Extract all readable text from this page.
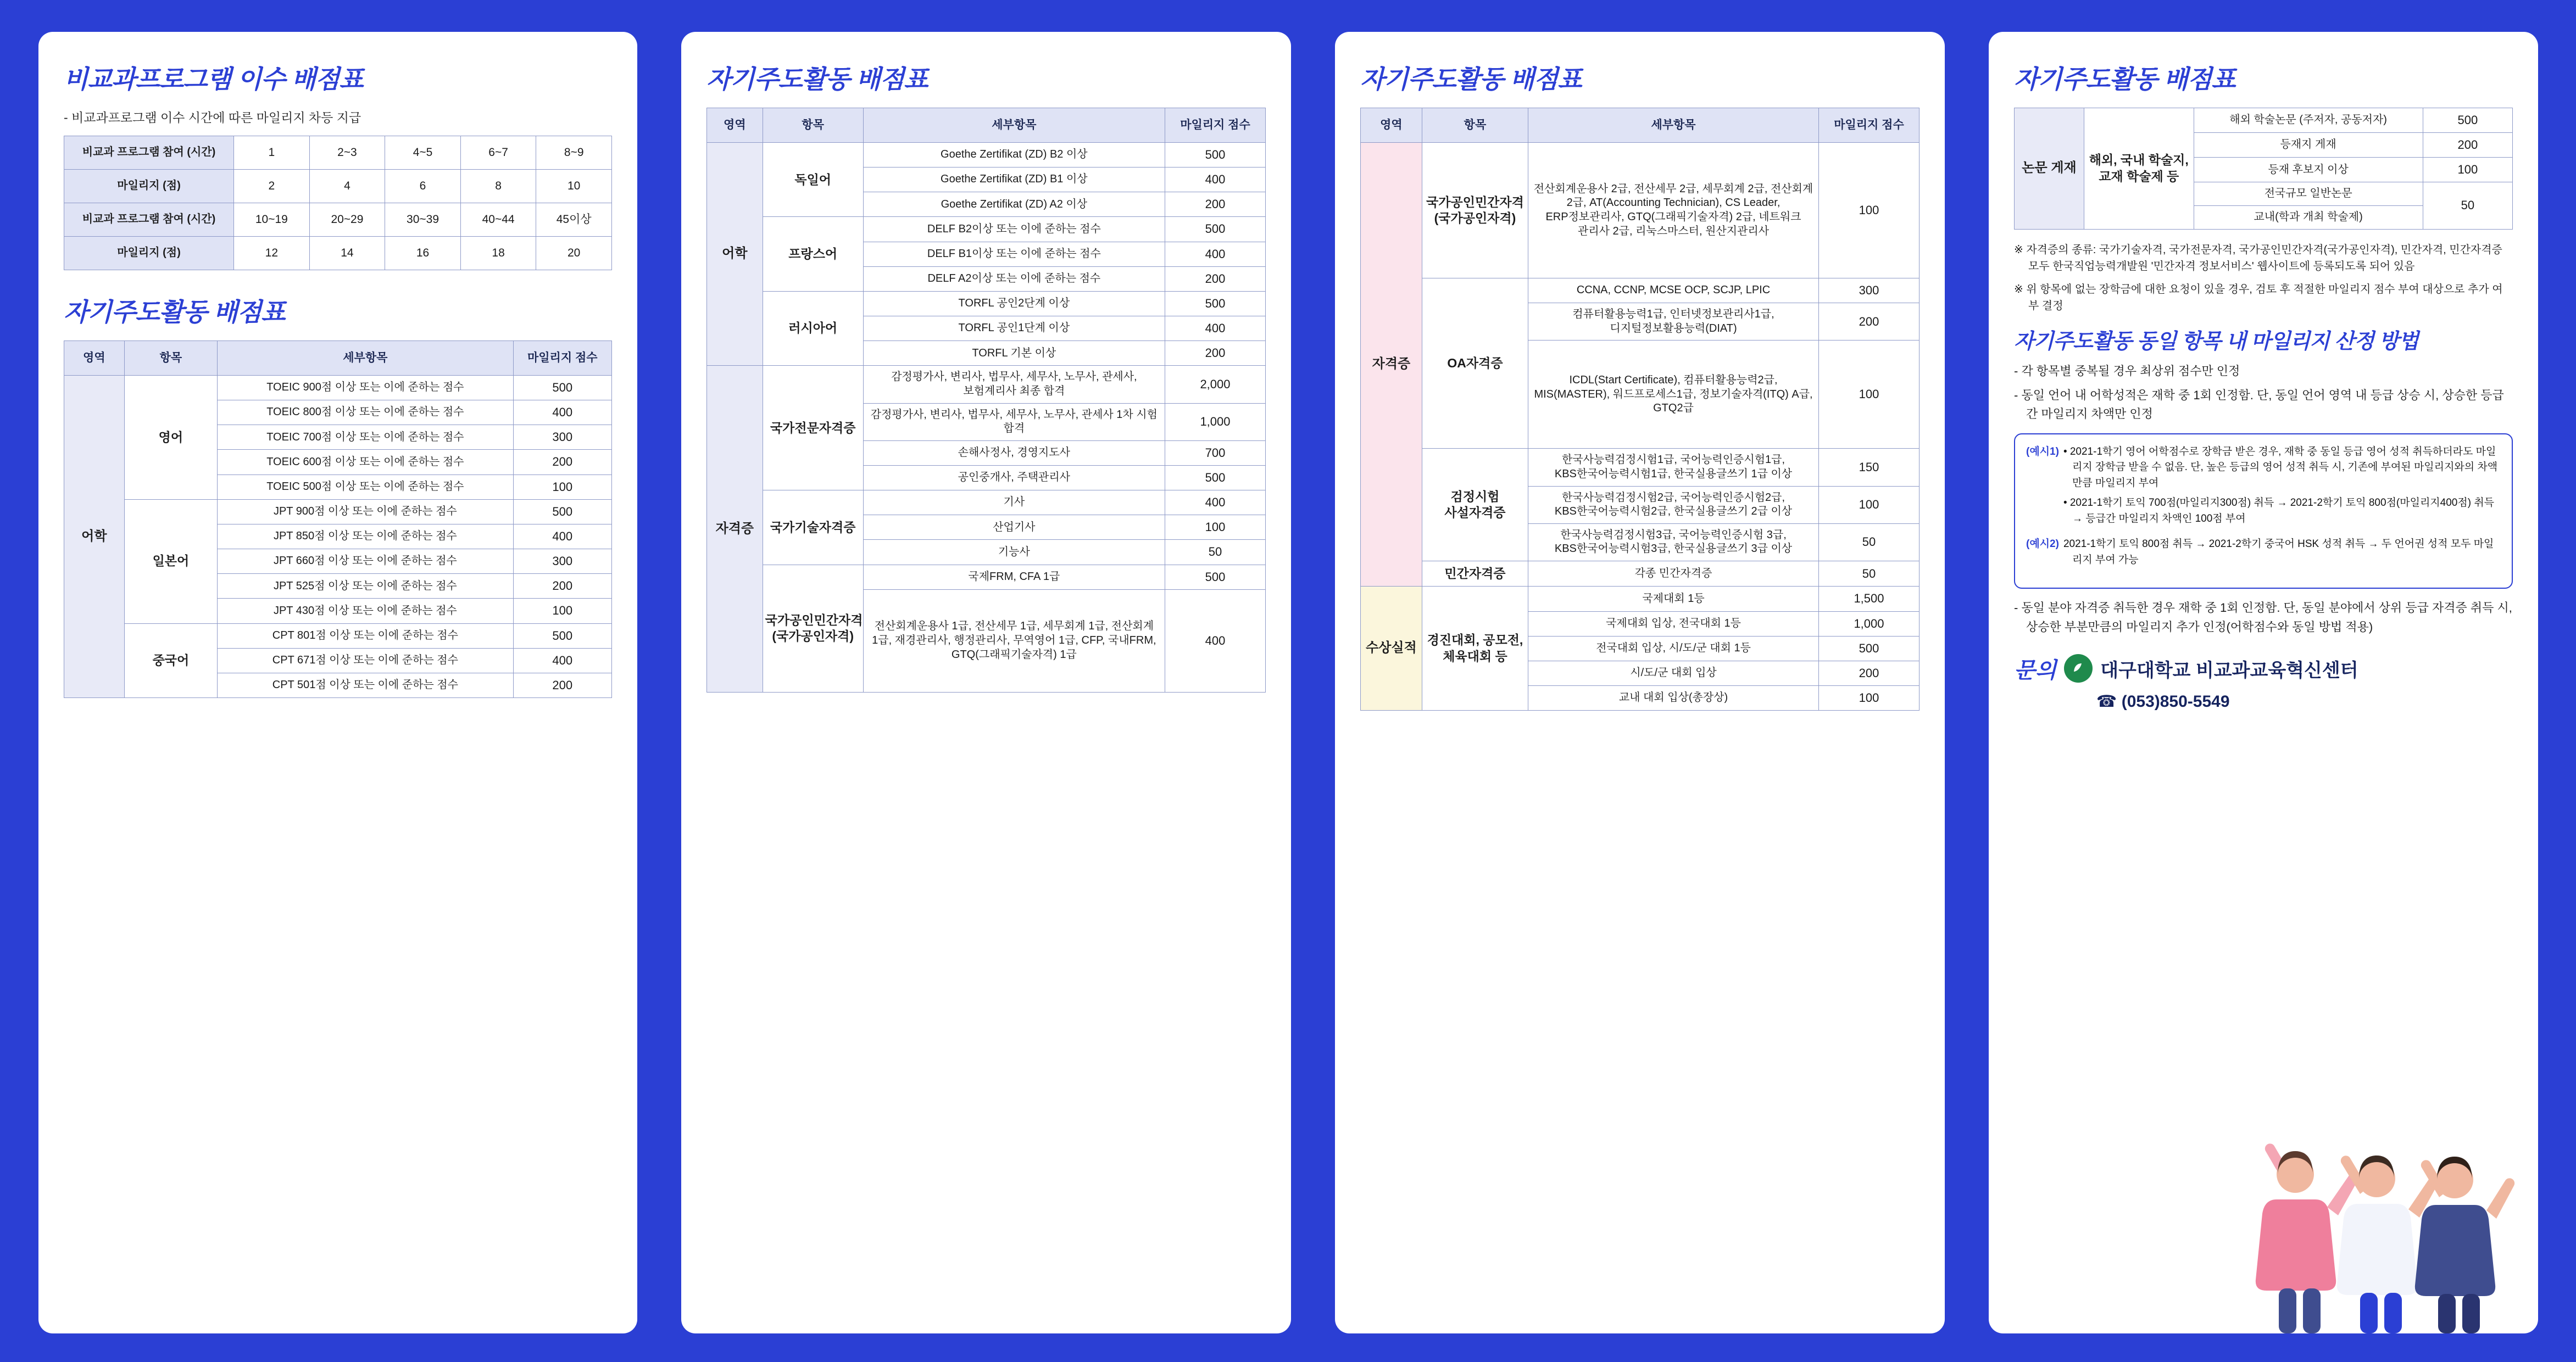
비교과프로그램 이수 배점표

- 비교과프로그램 이수 시간에 따른 마일리지 차등 지급

비교과 프로그램 참여 (시간)	1	2~3	4~5	6~7	8~9
마일리지 (점)	2	4	6	8	10
비교과 프로그램 참여 (시간)	10~19	20~29	30~39	40~44	45이상
마일리지 (점)	12	14	16	18	20
자기주도활동 배점표
영역	항목	세부항목	마일리지 점수
어학	영어	TOEIC 900점 이상 또는 이에 준하는 점수	500
		TOEIC 800점 이상 또는 이에 준하는 점수	400
		TOEIC 700점 이상 또는 이에 준하는 점수	300
		TOEIC 600점 이상 또는 이에 준하는 점수	200
		TOEIC 500점 이상 또는 이에 준하는 점수	100
	일본어	JPT 900점 이상 또는 이에 준하는 점수	500
		JPT 850점 이상 또는 이에 준하는 점수	400
		JPT 660점 이상 또는 이에 준하는 점수	300
		JPT 525점 이상 또는 이에 준하는 점수	200
		JPT 430점 이상 또는 이에 준하는 점수	100
	중국어	CPT 801점 이상 또는 이에 준하는 점수	500
		CPT 671점 이상 또는 이에 준하는 점수	400
		CPT 501점 이상 또는 이에 준하는 점수	200
자기주도활동 배점표
영역	항목	세부항목	마일리지 점수
어학	독일어	Goethe Zertifikat (ZD) B2 이상	500
		Goethe Zertifikat (ZD) B1 이상	400
		Goethe Zertifikat (ZD) A2 이상	200
	프랑스어	DELF B2이상 또는 이에 준하는 점수	500
		DELF B1이상 또는 이에 준하는 점수	400
		DELF A2이상 또는 이에 준하는 점수	200
	러시아어	TORFL 공인2단계 이상	500
		TORFL 공인1단계 이상	400
		TORFL 기본 이상	200
자격증	국가전문자격증	감정평가사, 변리사, 법무사, 세무사, 노무사, 관세사, 보험계리사 최종 합격	2,000
		감정평가사, 변리사, 법무사, 세무사, 노무사, 관세사 1차 시험 합격	1,000
		손해사정사, 경영지도사	700
		공인중개사, 주택관리사	500
	국가기술자격증	기사	400
		산업기사	100
		기능사	50
	국가공인민간자격 (국가공인자격)	국제FRM, CFA 1급	500
		전산회계운용사 1급, 전산세무 1급, 세무회계 1급, 전산회계 1급, 재경관리사, 행정관리사, 무역영어 1급, CFP, 국내FRM, GTQ(그래픽기술자격) 1급	400
자기주도활동 배점표
영역	항목	세부항목	마일리지 점수
자격증	국가공인민간자격 (국가공인자격)	전산회계운용사 2급, 전산세무 2급, 세무회계 2급, 전산회계 2급, AT(Accounting Technician), CS Leader, ERP정보관리사, GTQ(그래픽기술자격) 2급, 네트워크 관리사 2급, 리눅스마스터, 원산지관리사	100
	OA자격증	CCNA, CCNP, MCSE OCP, SCJP, LPIC	300
		컴퓨터활용능력1급, 인터넷정보관리사1급, 디지털정보활용능력(DIAT)	200
		ICDL(Start Certificate), 컴퓨터활용능력2급, MIS(MASTER), 워드프로세스1급, 정보기술자격(ITQ) A급, GTQ2급	100
	검정시험 사설자격증	한국사능력검정시험1급, 국어능력인증시험1급, KBS한국어능력시험1급, 한국실용글쓰기 1급 이상	150
		한국사능력검정시험2급, 국어능력인증시험2급, KBS한국어능력시험2급, 한국실용글쓰기 2급 이상	100
		한국사능력검정시험3급, 국어능력인증시험 3급, KBS한국어능력시험3급, 한국실용글쓰기 3급 이상	50
	민간자격증	각종 민간자격증	50
수상실적	경진대회, 공모전, 체육대회 등	국제대회 1등	1,500
		국제대회 입상, 전국대회 1등	1,000
		전국대회 입상, 시/도/군 대회 1등	500
		시/도/군 대회 입상	200
		교내 대회 입상(총장상)	100
자기주도활동 배점표
논문 게재	해외, 국내 학술지, 교재 학술제 등	해외 학술논문 (주저자, 공동저자)	500
		등재지 게재	200
		등재 후보지 이상	100
		전국규모 일반논문	50
		교내(학과 개최 학술제)	

※ 자격증의 종류: 국가기술자격, 국가전문자격, 국가공인민간자격(국가공인자격), 민간자격, 민간자격증 모두 한국직업능력개발원 '민간자격 정보서비스' 웹사이트에 등록되도록 되어 있음

※ 위 항목에 없는 장학금에 대한 요청이 있을 경우, 검토 후 적절한 마일리지 점수 부여 대상으로 추가 여부 결정

자기주도활동 동일 항목 내 마일리지 산정 방법

- 각 항목별 중복될 경우 최상위 점수만 인정

- 동일 언어 내 어학성적은 재학 중 1회 인정함. 단, 동일 언어 영역 내 등급 상승 시, 상승한 등급 간 마일리지 차액만 인정

(예시1) • 2021-1학기 영어 어학점수로 장학금 받은 경우, 재학 중 동일 등급 영어 성적 취득하더라도 마일리지 장학금 받을 수 없음. 단, 높은 등급의 영어 성적 취득 시, 기존에 부여된 마일리지와의 차액만큼 마일리지 부여

• 2021-1학기 토익 700점(마일리지300점) 취득 → 2021-2학기 토익 800점(마일리지400점) 취득 → 등급간 마일리지 차액인 100점 부여

(예시2) 2021-1학기 토익 800점 취득 → 2021-2학기 중국어 HSK 성적 취득 → 두 언어권 성적 모두 마일리지 부여 가능

- 동일 분야 자격증 취득한 경우 재학 중 1회 인정함. 단, 동일 분야에서 상위 등급 자격증 취득 시, 상승한 부분만큼의 마일리지 추가 인정(어학점수와 동일 방법 적용)

문의 대구대학교 비교과교육혁신센터
☎ (053)850-5549
